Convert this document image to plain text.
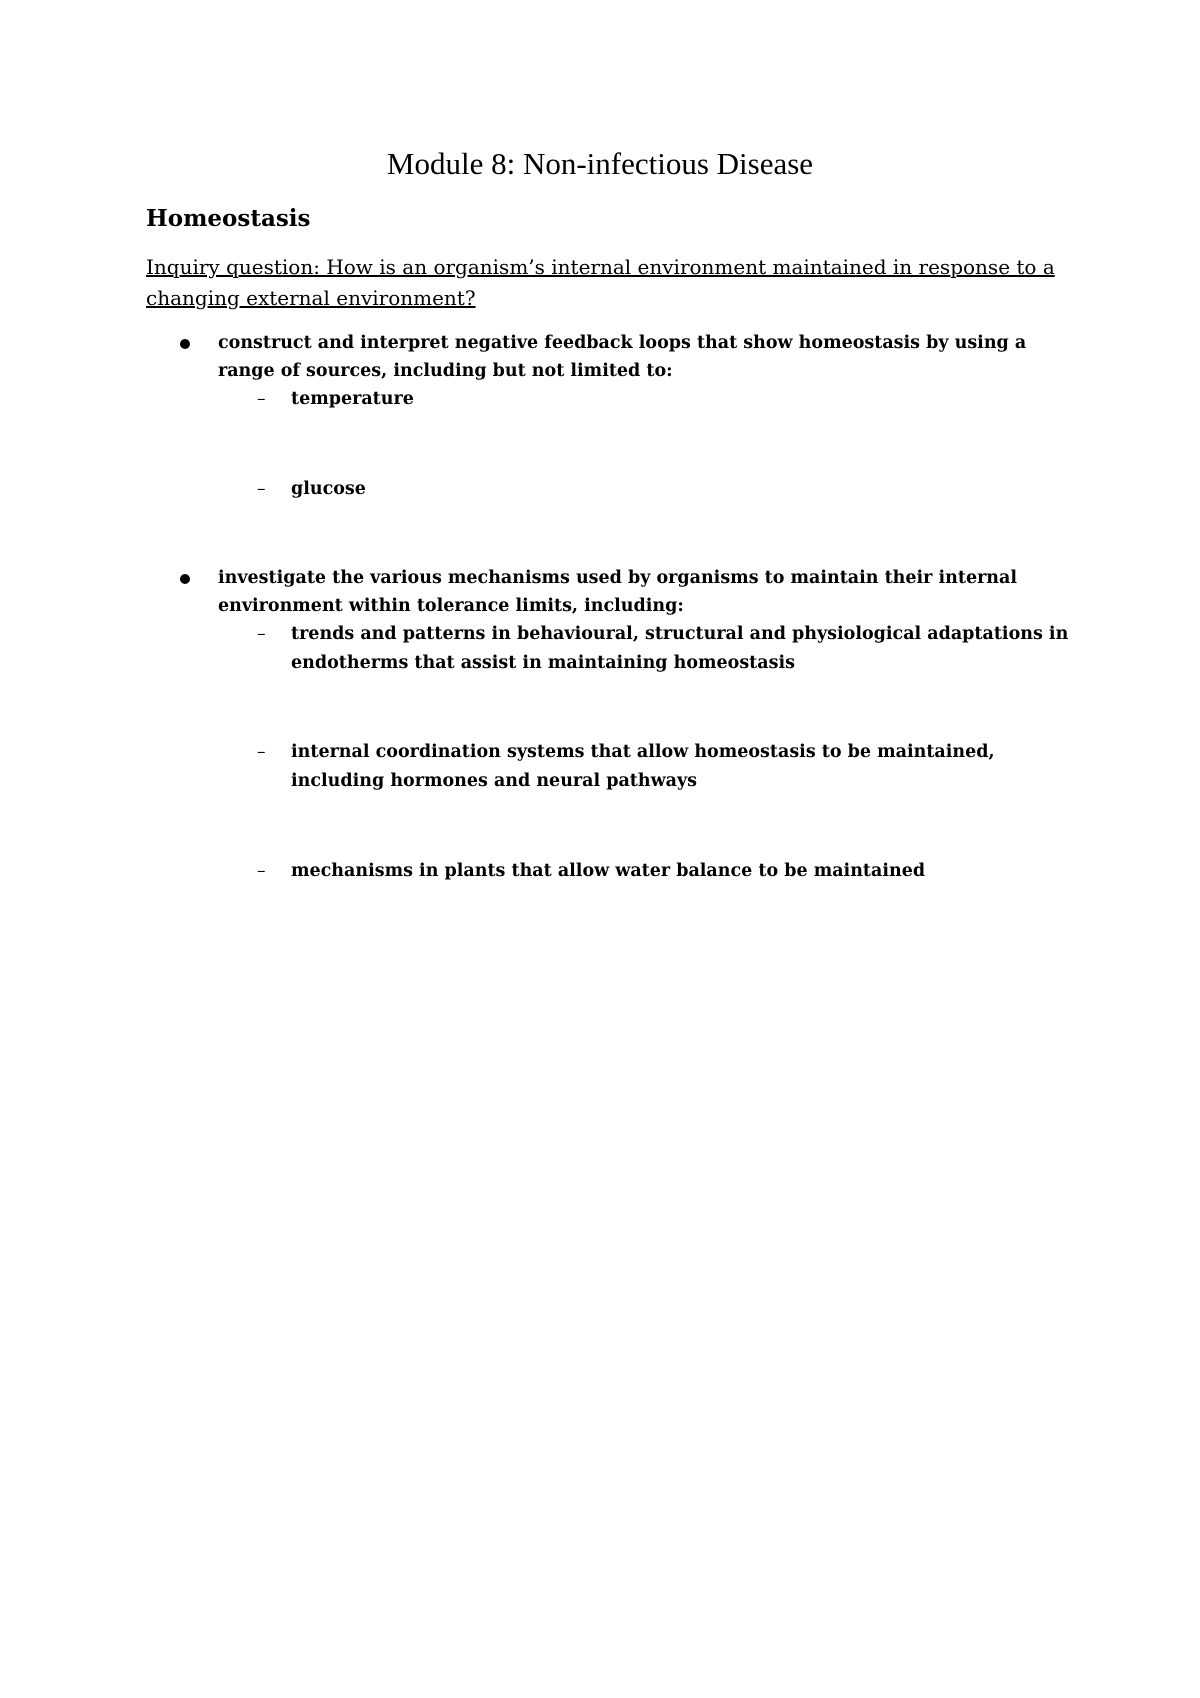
Module 8: Non-infectious Disease
Homeostasis

Inquiry question: How is an organism’s internal environment maintained in response to a changing external environment?

construct and interpret negative feedback loops that show homeostasis by using a range of sources, including but not limited to:

– temperature

– glucose

investigate the various mechanisms used by organisms to maintain their internal environment within tolerance limits, including:

– trends and patterns in behavioural, structural and physiological adaptations in endotherms that assist in maintaining homeostasis

– internal coordination systems that allow homeostasis to be maintained, including hormones and neural pathways

– mechanisms in plants that allow water balance to be maintained
